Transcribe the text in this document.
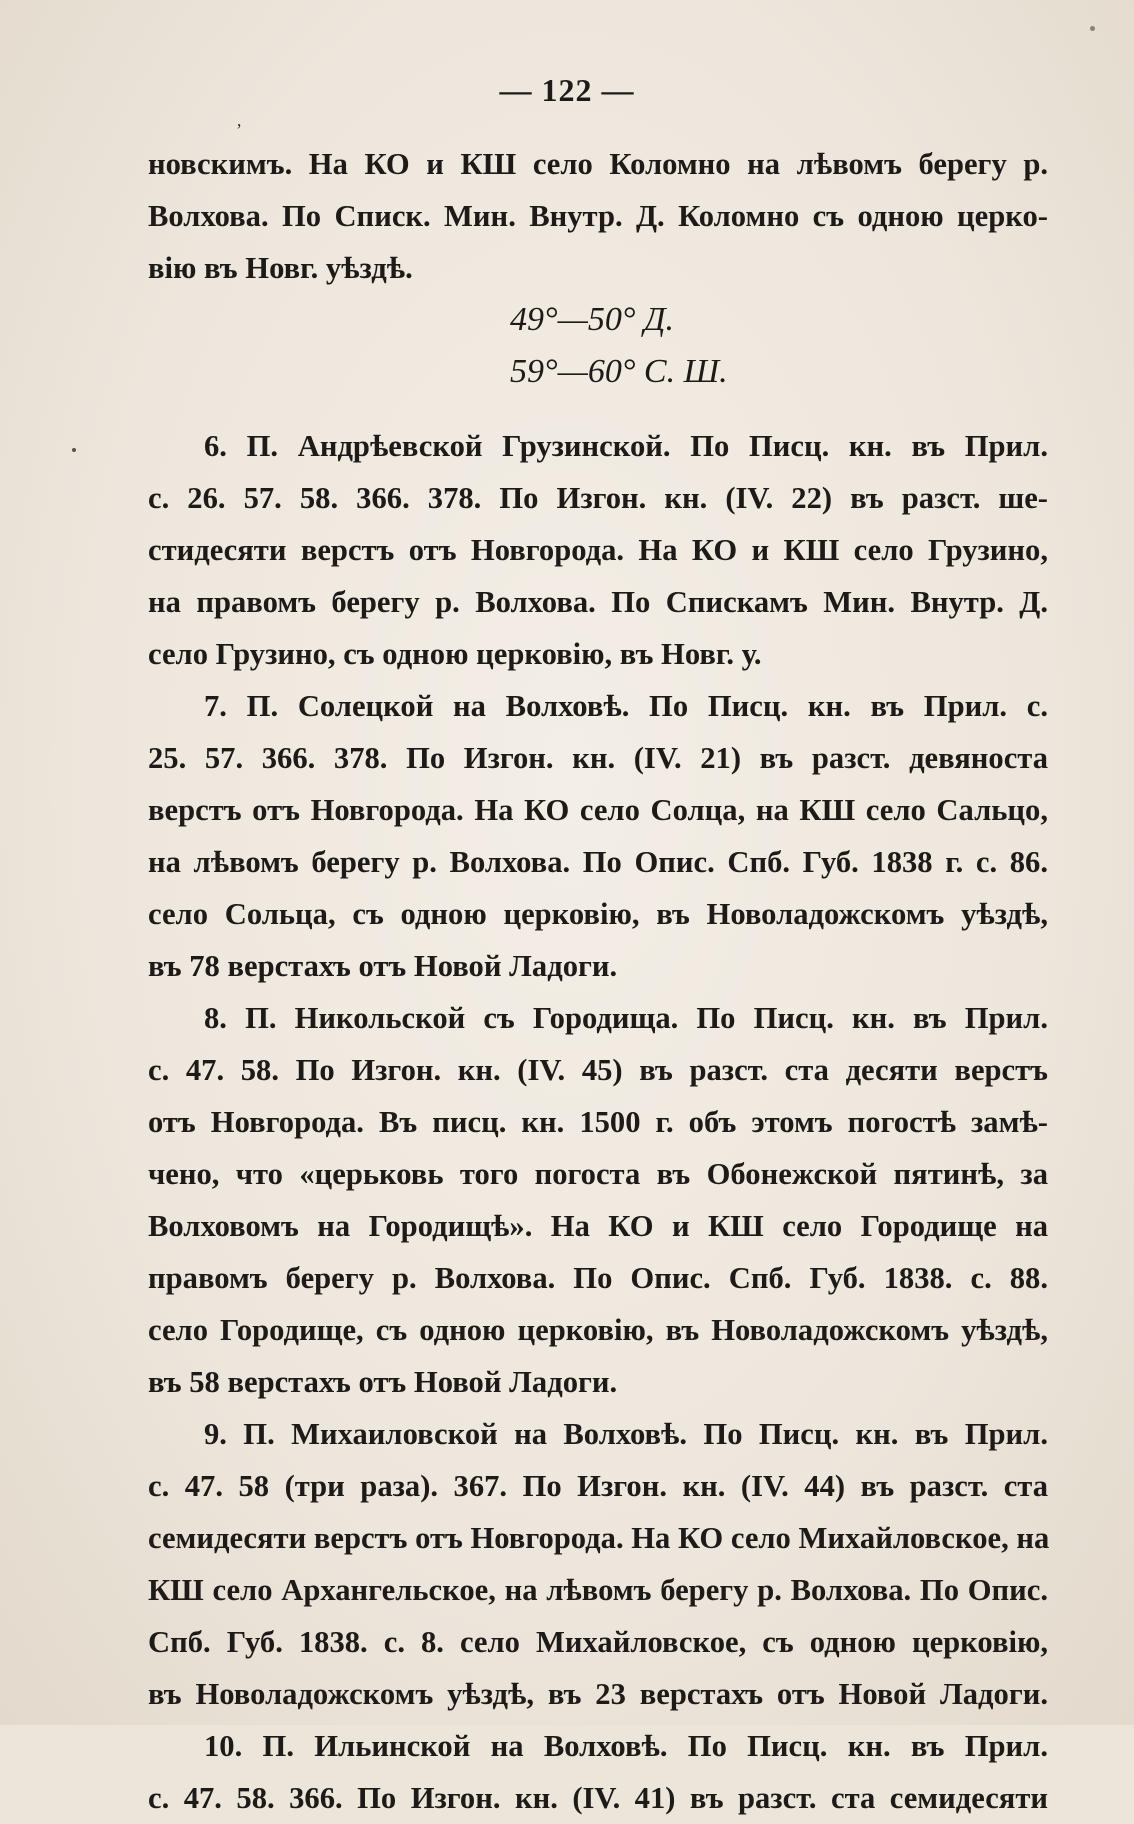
— 122 —
ʼ
новскимъ. На КО и КШ село Коломно на лѣвомъ берегу р.
Волхова. По Списк. Мин. Внутр. Д. Коломно съ одною церко-
вію въ Новг. уѣздѣ.
49°—50° Д.
59°—60° С. Ш.
6. П. Андрѣевской Грузинской. По Писц. кн. въ Прил.
с. 26. 57. 58. 366. 378. По Изгон. кн. (IV. 22) въ разст. ше-
стидесяти верстъ отъ Новгорода. На КО и КШ село Грузино,
на правомъ берегу р. Волхова. По Спискамъ Мин. Внутр. Д.
село Грузино, съ одною церковію, въ Новг. у.
7. П. Солецкой на Волховѣ. По Писц. кн. въ Прил. с.
25. 57. 366. 378. По Изгон. кн. (IV. 21) въ разст. девяноста
верстъ отъ Новгорода. На КО село Солца, на КШ село Сальцо,
на лѣвомъ берегу р. Волхова. По Опис. Спб. Губ. 1838 г. с. 86.
село Сольца, съ одною церковію, въ Новоладожскомъ уѣздѣ,
въ 78 верстахъ отъ Новой Ладоги.
8. П. Никольской съ Городища. По Писц. кн. въ Прил.
с. 47. 58. По Изгон. кн. (IV. 45) въ разст. ста десяти верстъ
отъ Новгорода. Въ писц. кн. 1500 г. объ этомъ погостѣ замѣ-
чено, что «церьковь того погоста въ Обонежской пятинѣ, за
Волховомъ на Городищѣ». На КО и КШ село Городище на
правомъ берегу р. Волхова. По Опис. Спб. Губ. 1838. с. 88.
село Городище, съ одною церковію, въ Новоладожскомъ уѣздѣ,
въ 58 верстахъ отъ Новой Ладоги.
9. П. Михаиловской на Волховѣ. По Писц. кн. въ Прил.
с. 47. 58 (три раза). 367. По Изгон. кн. (IV. 44) въ разст. ста
семидесяти верстъ отъ Новгорода. На КО село Михайловское, на
КШ село Архангельское, на лѣвомъ берегу р. Волхова. По Опис.
Спб. Губ. 1838. с. 8. село Михайловское, съ одною церковію,
въ Новоладожскомъ уѣздѣ, въ 23 верстахъ отъ Новой Ладоги.
10. П. Ильинской на Волховѣ. По Писц. кн. въ Прил.
с. 47. 58. 366. По Изгон. кн. (IV. 41) въ разст. ста семидесяти
